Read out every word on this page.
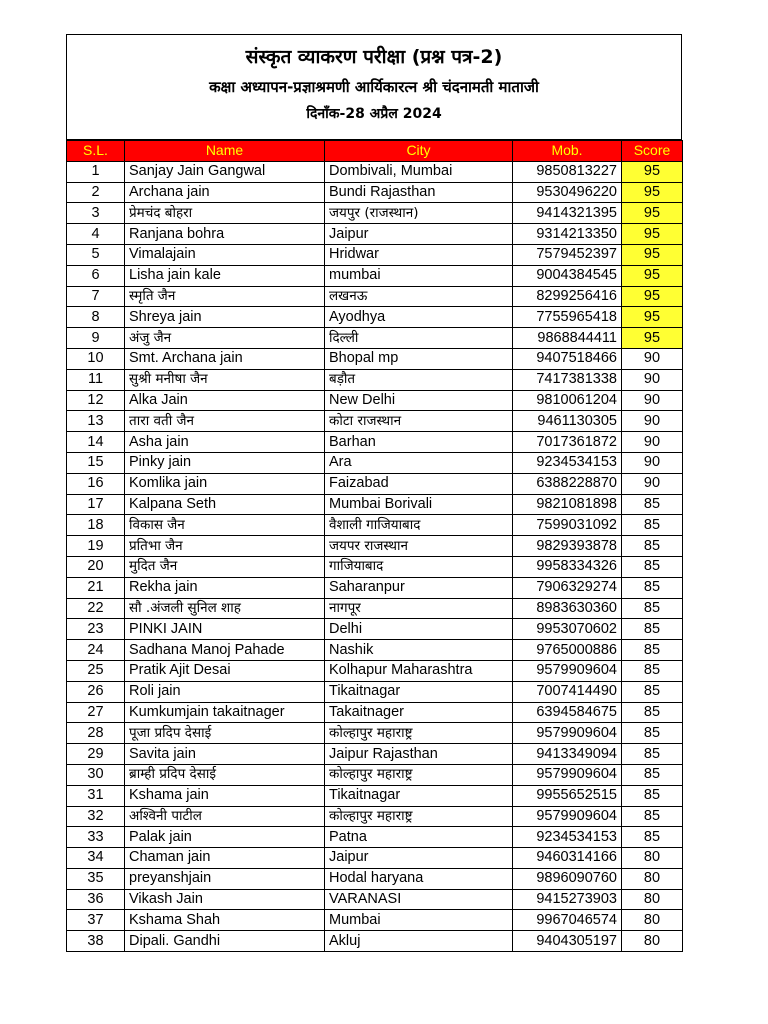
संस्कृत व्याकरण परीक्षा (प्रश्न पत्र-2)
कक्षा अध्यापन-प्रज्ञाश्रमणी आर्यिकारत्न श्री चंदनामती माताजी
दिनाँक-28 अप्रैल 2024
S.L.	Name	City	Mob.	Score
1	Sanjay Jain Gangwal	Dombivali, Mumbai	9850813227	95
2	Archana jain	Bundi Rajasthan	9530496220	95
3	प्रेमचंद बोहरा	जयपुर (राजस्थान)	9414321395	95
4	Ranjana bohra	Jaipur	9314213350	95
5	Vimalajain	Hridwar	7579452397	95
6	Lisha jain kale	mumbai	9004384545	95
7	स्मृति जैन	लखनऊ	8299256416	95
8	Shreya jain	Ayodhya	7755965418	95
9	अंजु जैन	दिल्ली	9868844411	95
10	Smt. Archana jain	Bhopal mp	9407518466	90
11	सुश्री मनीषा जैन	बड़ौत	7417381338	90
12	Alka Jain	New Delhi	9810061204	90
13	तारा वती जैन	कोटा राजस्थान	9461130305	90
14	Asha jain	Barhan	7017361872	90
15	Pinky jain	Ara	9234534153	90
16	Komlika jain	Faizabad	6388228870	90
17	Kalpana Seth	Mumbai Borivali	9821081898	85
18	विकास जैन	वैशाली गाजियाबाद	7599031092	85
19	प्रतिभा जैन	जयपर राजस्थान	9829393878	85
20	मुदित जैन	गाजियाबाद	9958334326	85
21	Rekha jain	Saharanpur	7906329274	85
22	सौ .अंजली सुनिल शाह	नागपूर	8983630360	85
23	PINKI JAIN	Delhi	9953070602	85
24	Sadhana Manoj Pahade	Nashik	9765000886	85
25	Pratik Ajit Desai	Kolhapur Maharashtra	9579909604	85
26	Roli jain	Tikaitnagar	7007414490	85
27	Kumkumjain takaitnager	Takaitnager	6394584675	85
28	पूजा प्रदिप देसाई	कोल्हापुर महाराष्ट्र	9579909604	85
29	Savita jain	Jaipur Rajasthan	9413349094	85
30	ब्राम्ही प्रदिप देसाई	कोल्हापुर महाराष्ट्र	9579909604	85
31	Kshama jain	Tikaitnagar	9955652515	85
32	अश्विनी पाटील	कोल्हापुर महाराष्ट्र	9579909604	85
33	Palak jain	Patna	9234534153	85
34	Chaman jain	Jaipur	9460314166	80
35	preyanshjain	Hodal haryana	9896090760	80
36	Vikash Jain	VARANASI	9415273903	80
37	Kshama Shah	Mumbai	9967046574	80
38	Dipali. Gandhi	Akluj	9404305197	80
